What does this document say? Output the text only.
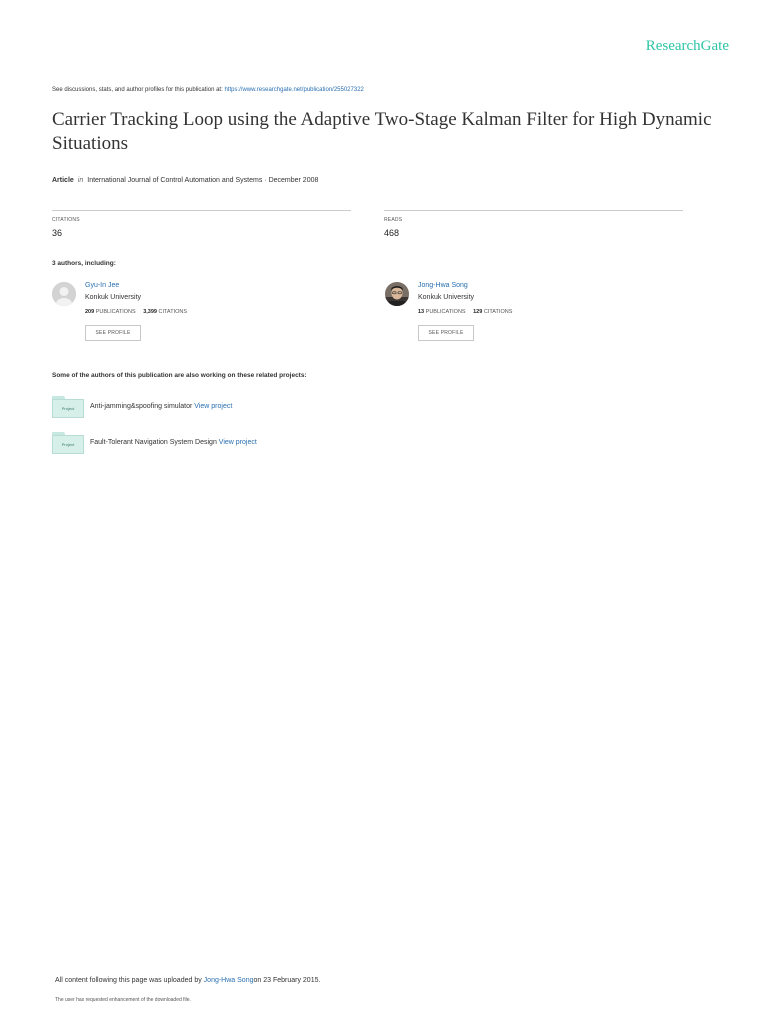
ResearchGate
See discussions, stats, and author profiles for this publication at: https://www.researchgate.net/publication/255027322
Carrier Tracking Loop using the Adaptive Two-Stage Kalman Filter for High Dynamic Situations
Article in International Journal of Control Automation and Systems · December 2008
CITATIONS
36
READS
468
3 authors, including:
Gyu-In Jee
Konkuk University
209 PUBLICATIONS 3,399 CITATIONS
SEE PROFILE
Jong-Hwa Song
Konkuk University
13 PUBLICATIONS 129 CITATIONS
SEE PROFILE
Some of the authors of this publication are also working on these related projects:
Project	Anti-jamming&spoofing simulator View project
Project	Fault-Tolerant Navigation System Design View project
All content following this page was uploaded by Jong-Hwa Songon 23 February 2015.
The user has requested enhancement of the downloaded file.
